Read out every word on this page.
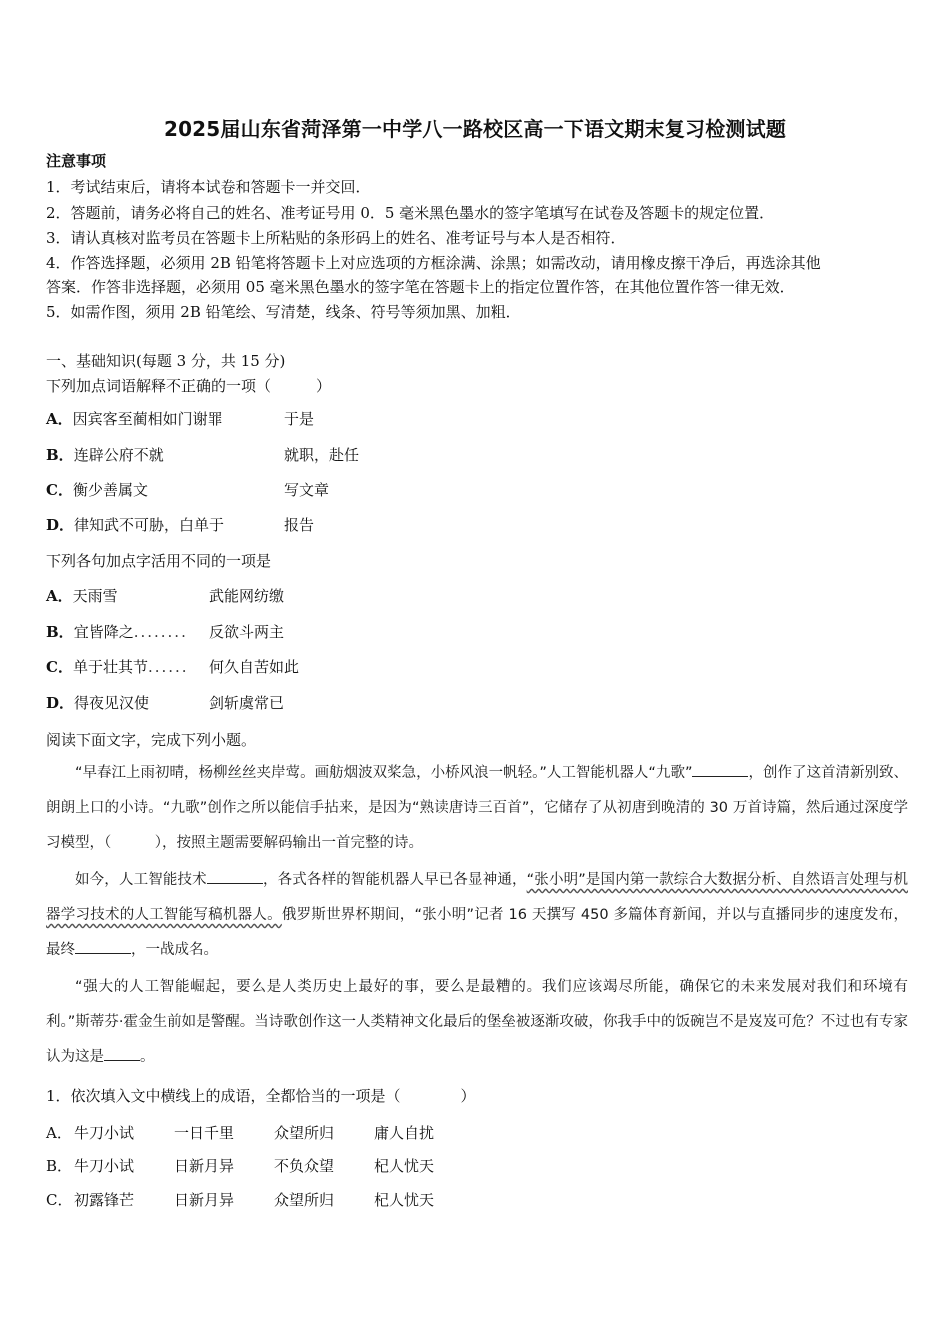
2025届山东省菏泽第一中学八一路校区高一下语文期末复习检测试题
注意事项
1．考试结束后，请将本试卷和答题卡一并交回．
2．答题前，请务必将自己的姓名、准考证号用 0．5 毫米黑色墨水的签字笔填写在试卷及答题卡的规定位置．
3．请认真核对监考员在答题卡上所粘贴的条形码上的姓名、准考证号与本人是否相符．
4．作答选择题，必须用 2B 铅笔将答题卡上对应选项的方框涂满、涂黑；如需改动，请用橡皮擦干净后，再选涂其他
答案．作答非选择题，必须用 05 毫米黑色墨水的签字笔在答题卡上的指定位置作答，在其他位置作答一律无效．
5．如需作图，须用 2B 铅笔绘、写清楚，线条、符号等须加黑、加粗．
一、基础知识(每题 3 分，共 15 分)
下列加点词语解释不正确的一项（　　　）
A．因宾客至蔺相如门谢罪	于是
B．连辟公府不就	就职，赴任
C．衡少善属文	写文章
D．律知武不可胁，白单于	报告
下列各句加点字活用不同的一项是
A．天雨雪	武能网纺缴
B．宜皆降之........ 反欲斗两主
C．单于壮其节...... 何久自苦如此
D．得夜见汉使	剑斩虞常已
阅读下面文字，完成下列小题。
“早春江上雨初晴，杨柳丝丝夹岸莺。画舫烟波双桨急，小桥风浪一帆轻。”人工智能机器人“九歌”	，创作了这首清新别致、朗朗上口的小诗。“九歌”创作之所以能信手拈来，是因为“熟读唐诗三百首”，它储存了从初唐到晚清的 30 万首诗篇，然后通过深度学习模型，（　　　），按照主题需要解码输出一首完整的诗。
如今，人工智能技术	，各式各样的智能机器人早已各显神通，“张小明”是国内第一款综合大数据分析、自然语言处理与机器学习技术的人工智能写稿机器人。俄罗斯世界杯期间，“张小明”记者 16 天撰写 450 多篇体育新闻，并以与直播同步的速度发布，最终	，一战成名。
“强大的人工智能崛起，要么是人类历史上最好的事，要么是最糟的。我们应该竭尽所能，确保它的未来发展对我们和环境有利。”斯蒂芬·霍金生前如是警醒。当诗歌创作这一人类精神文化最后的堡垒被逐渐攻破，你我手中的饭碗岂不是岌岌可危？不过也有专家认为这是 。
1．依次填入文中横线上的成语，全都恰当的一项是（　　　　）
A． 牛刀小试	一日千里	众望所归	庸人自扰
B． 牛刀小试	日新月异	不负众望	杞人忧天
C． 初露锋芒	日新月异	众望所归	杞人忧天
